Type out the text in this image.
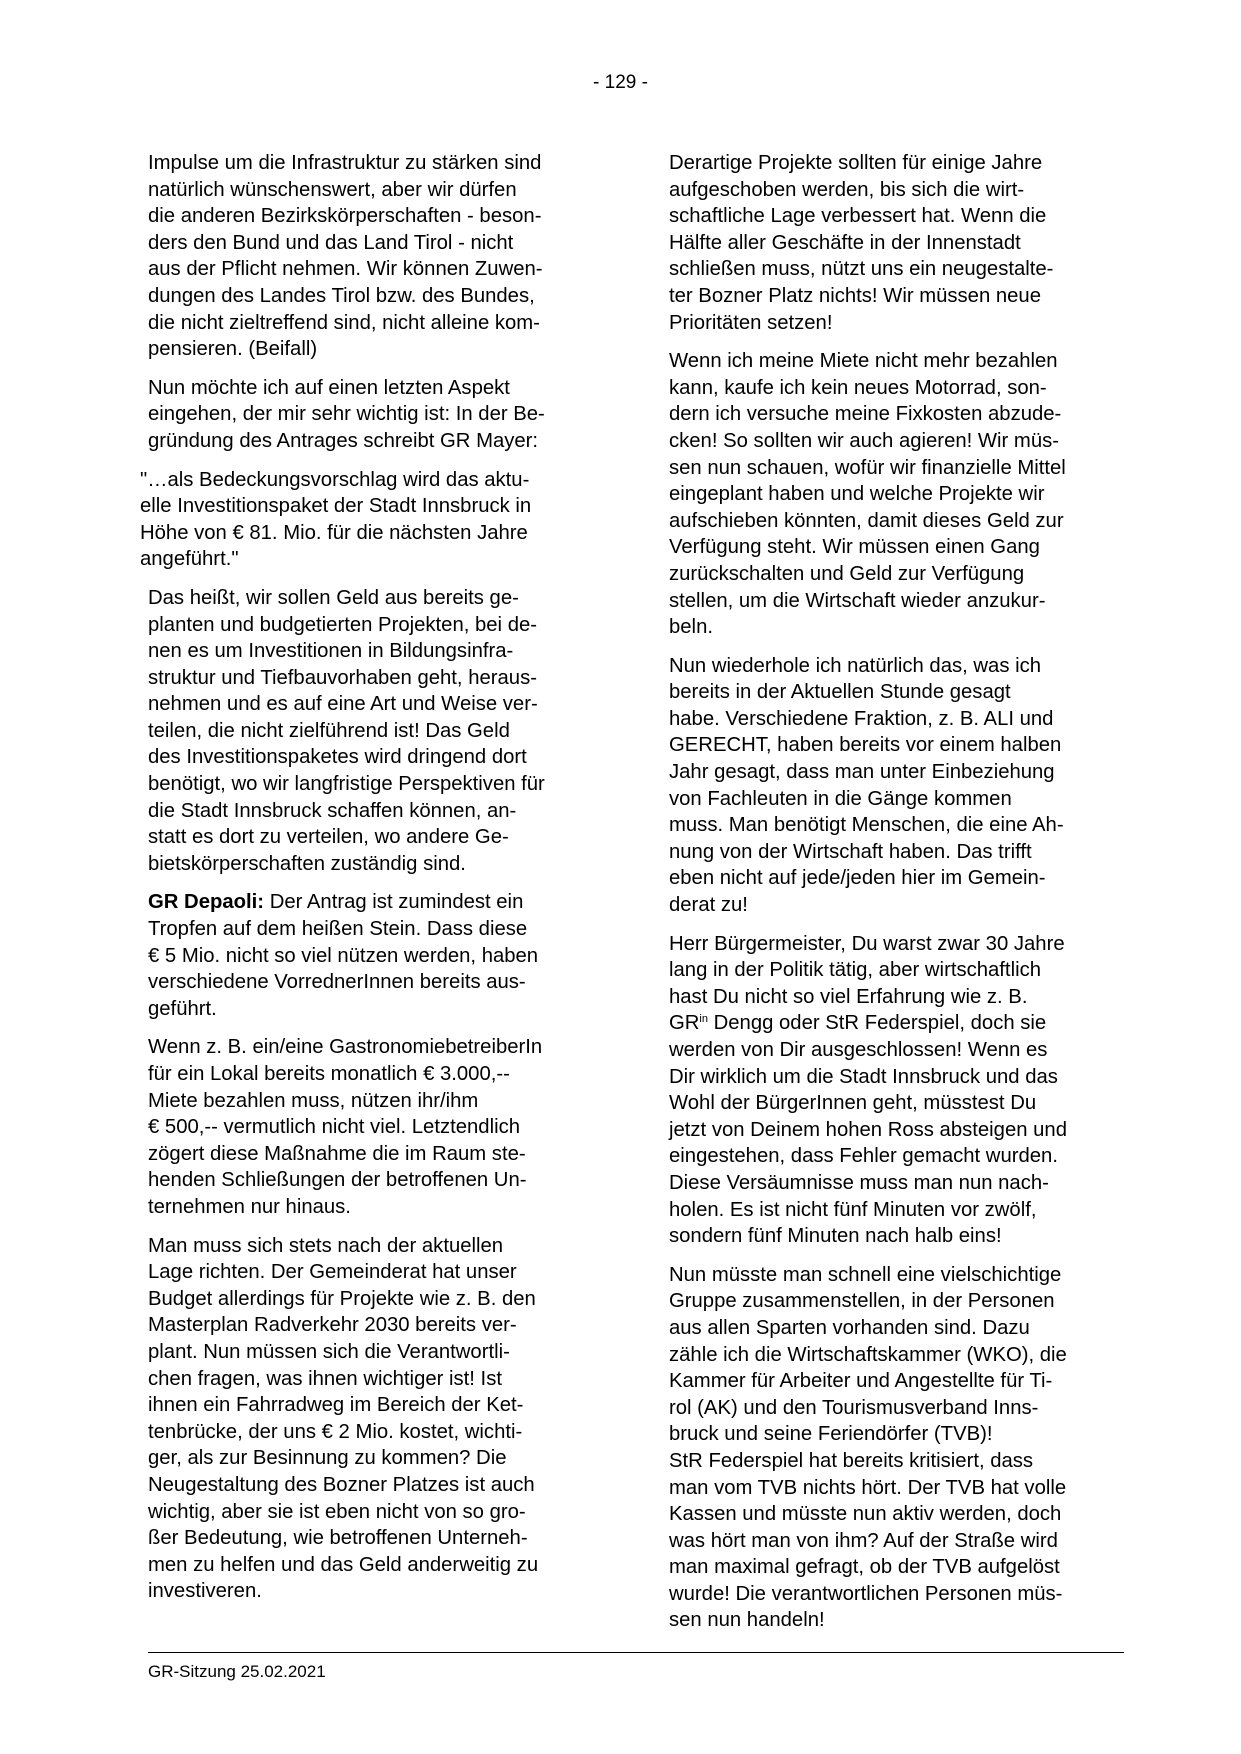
- 129 -

Impulse um die Infrastruktur zu stärken sind
natürlich wünschenswert, aber wir dürfen
die anderen Bezirkskörperschaften - beson-
ders den Bund und das Land Tirol - nicht
aus der Pflicht nehmen. Wir können Zuwen-
dungen des Landes Tirol bzw. des Bundes,
die nicht zieltreffend sind, nicht alleine kom-
pensieren. (Beifall)

Nun möchte ich auf einen letzten Aspekt
eingehen, der mir sehr wichtig ist: In der Be-
gründung des Antrages schreibt GR Mayer:

"…als Bedeckungsvorschlag wird das aktu-
elle Investitionspaket der Stadt Innsbruck in
Höhe von € 81. Mio. für die nächsten Jahre
angeführt."

Das heißt, wir sollen Geld aus bereits ge-
planten und budgetierten Projekten, bei de-
nen es um Investitionen in Bildungsinfra-
struktur und Tiefbauvorhaben geht, heraus-
nehmen und es auf eine Art und Weise ver-
teilen, die nicht zielführend ist! Das Geld
des Investitionspaketes wird dringend dort
benötigt, wo wir langfristige Perspektiven für
die Stadt Innsbruck schaffen können, an-
statt es dort zu verteilen, wo andere Ge-
bietskörperschaften zuständig sind.

GR Depaoli: Der Antrag ist zumindest ein
Tropfen auf dem heißen Stein. Dass diese
€ 5 Mio. nicht so viel nützen werden, haben
verschiedene VorrednerInnen bereits aus-
geführt.

Wenn z. B. ein/eine GastronomiebetreiberIn
für ein Lokal bereits monatlich € 3.000,--
Miete bezahlen muss, nützen ihr/ihm
€ 500,-- vermutlich nicht viel. Letztendlich
zögert diese Maßnahme die im Raum ste-
henden Schließungen der betroffenen Un-
ternehmen nur hinaus.

Man muss sich stets nach der aktuellen
Lage richten. Der Gemeinderat hat unser
Budget allerdings für Projekte wie z. B. den
Masterplan Radverkehr 2030 bereits ver-
plant. Nun müssen sich die Verantwortli-
chen fragen, was ihnen wichtiger ist! Ist
ihnen ein Fahrradweg im Bereich der Ket-
tenbrücke, der uns € 2 Mio. kostet, wichti-
ger, als zur Besinnung zu kommen? Die
Neugestaltung des Bozner Platzes ist auch
wichtig, aber sie ist eben nicht von so gro-
ßer Bedeutung, wie betroffenen Unterneh-
men zu helfen und das Geld anderweitig zu
investiveren.

Derartige Projekte sollten für einige Jahre
aufgeschoben werden, bis sich die wirt-
schaftliche Lage verbessert hat. Wenn die
Hälfte aller Geschäfte in der Innenstadt
schließen muss, nützt uns ein neugestalte-
ter Bozner Platz nichts! Wir müssen neue
Prioritäten setzen!

Wenn ich meine Miete nicht mehr bezahlen
kann, kaufe ich kein neues Motorrad, son-
dern ich versuche meine Fixkosten abzude-
cken! So sollten wir auch agieren! Wir müs-
sen nun schauen, wofür wir finanzielle Mittel
eingeplant haben und welche Projekte wir
aufschieben könnten, damit dieses Geld zur
Verfügung steht. Wir müssen einen Gang
zurückschalten und Geld zur Verfügung
stellen, um die Wirtschaft wieder anzukur-
beln.

Nun wiederhole ich natürlich das, was ich
bereits in der Aktuellen Stunde gesagt
habe. Verschiedene Fraktion, z. B. ALI und
GERECHT, haben bereits vor einem halben
Jahr gesagt, dass man unter Einbeziehung
von Fachleuten in die Gänge kommen
muss. Man benötigt Menschen, die eine Ah-
nung von der Wirtschaft haben. Das trifft
eben nicht auf jede/jeden hier im Gemein-
derat zu!

Herr Bürgermeister, Du warst zwar 30 Jahre
lang in der Politik tätig, aber wirtschaftlich
hast Du nicht so viel Erfahrung wie z. B.
$GR^{in}$ Dengg oder StR Federspiel, doch sie
werden von Dir ausgeschlossen! Wenn es
Dir wirklich um die Stadt Innsbruck und das
Wohl der BürgerInnen geht, müsstest Du
jetzt von Deinem hohen Ross absteigen und
eingestehen, dass Fehler gemacht wurden.
Diese Versäumnisse muss man nun nach-
holen. Es ist nicht fünf Minuten vor zwölf,
sondern fünf Minuten nach halb eins!

Nun müsste man schnell eine vielschichtige
Gruppe zusammenstellen, in der Personen
aus allen Sparten vorhanden sind. Dazu
zähle ich die Wirtschaftskammer (WKO), die
Kammer für Arbeiter und Angestellte für Ti-
rol (AK) und den Tourismusverband Inns-
bruck und seine Feriendörfer (TVB)!
StR Federspiel hat bereits kritisiert, dass
man vom TVB nichts hört. Der TVB hat volle
Kassen und müsste nun aktiv werden, doch
was hört man von ihm? Auf der Straße wird
man maximal gefragt, ob der TVB aufgelöst
wurde! Die verantwortlichen Personen müs-
sen nun handeln!

GR-Sitzung 25.02.2021
